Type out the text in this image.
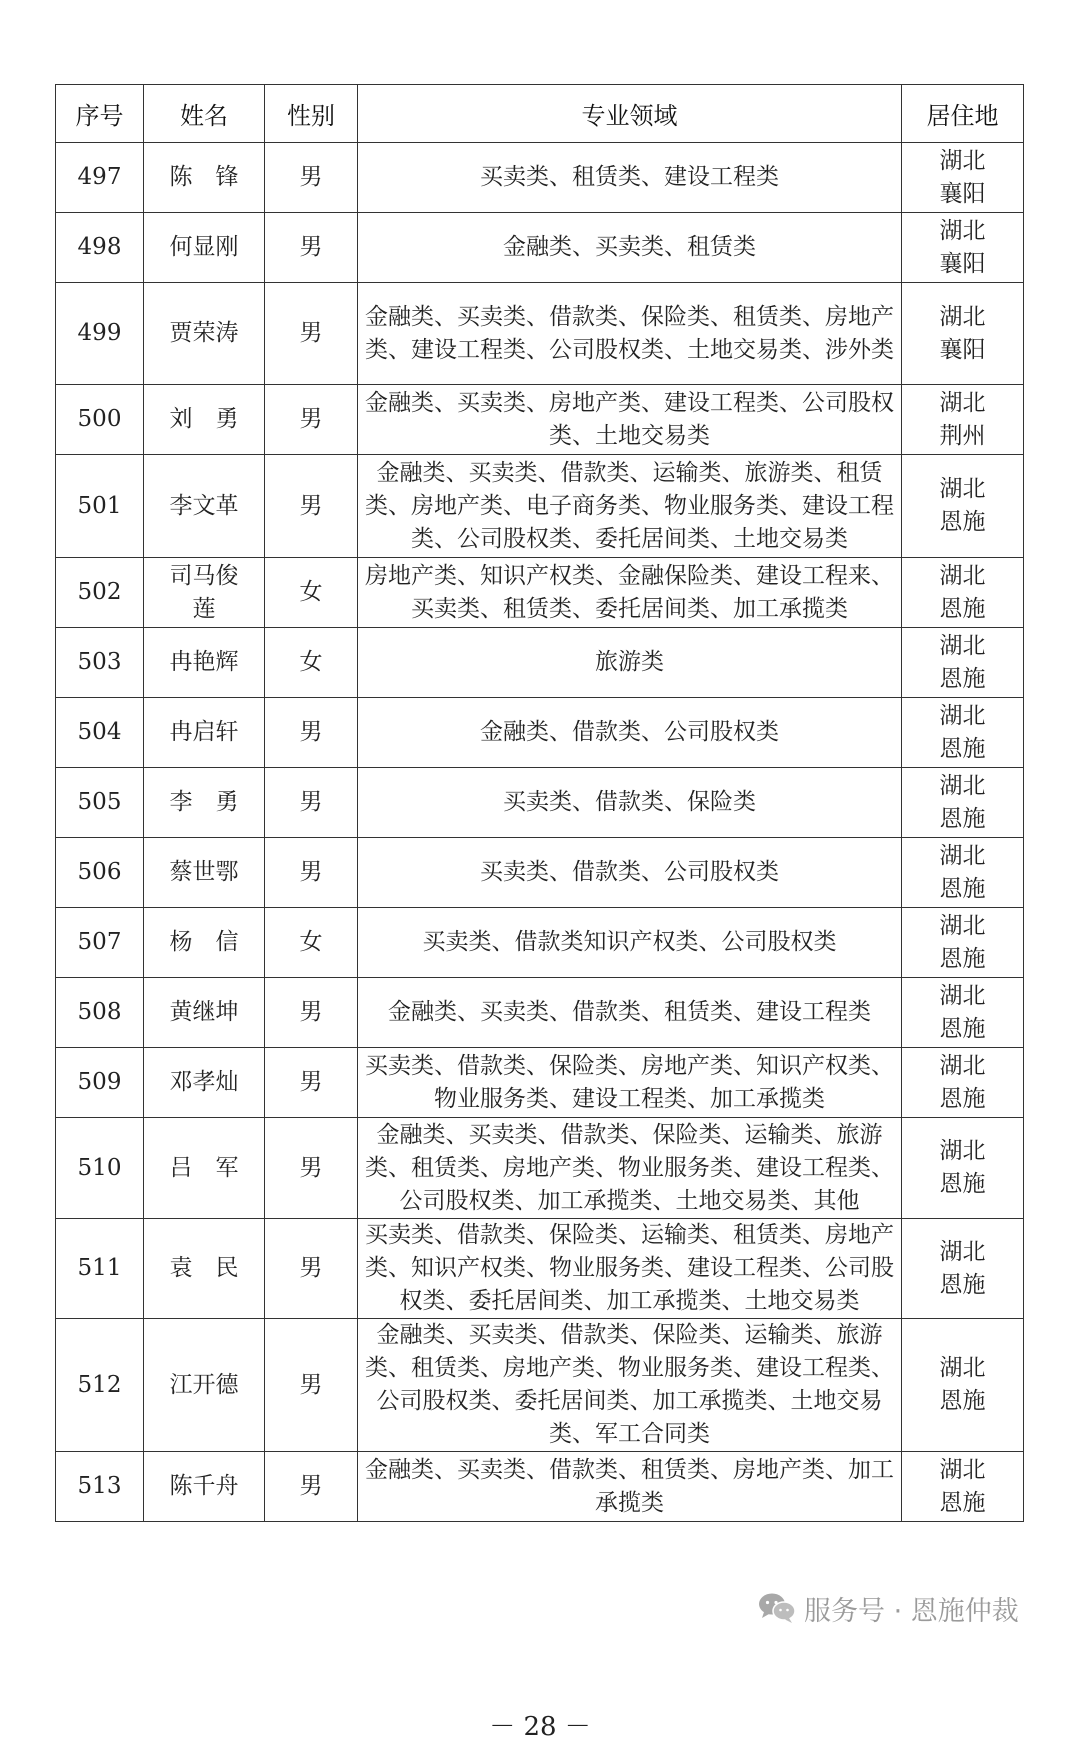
序号	姓名	性别	专业领域	居住地
497	陈　锋	男	买卖类、租赁类、建设工程类	湖北
襄阳

498	何显刚	男	金融类、买卖类、租赁类	湖北
襄阳

499	贾荣涛	男	金融类、买卖类、借款类、保险类、租赁类、房地产类、建设工程类、公司股权类、土地交易类、涉外类	湖北
襄阳

500	刘　勇	男	金融类、买卖类、房地产类、建设工程类、公司股权类、土地交易类	湖北
荆州

501	李文革	男	金融类、买卖类、借款类、运输类、旅游类、租赁类、房地产类、电子商务类、物业服务类、建设工程类、公司股权类、委托居间类、土地交易类	湖北
恩施

502	司马俊莲	女	房地产类、知识产权类、金融保险类、建设工程来、买卖类、租赁类、委托居间类、加工承揽类	湖北
恩施

503	冉艳辉	女	旅游类	湖北
恩施

504	冉启轩	男	金融类、借款类、公司股权类	湖北
恩施

505	李　勇	男	买卖类、借款类、保险类	湖北
恩施

506	蔡世鄂	男	买卖类、借款类、公司股权类	湖北
恩施

507	杨　信	女	买卖类、借款类知识产权类、公司股权类	湖北
恩施

508	黄继坤	男	金融类、买卖类、借款类、租赁类、建设工程类	湖北
恩施

509	邓孝灿	男	买卖类、借款类、保险类、房地产类、知识产权类、物业服务类、建设工程类、加工承揽类	湖北
恩施

510	吕　军	男	金融类、买卖类、借款类、保险类、运输类、旅游类、租赁类、房地产类、物业服务类、建设工程类、公司股权类、加工承揽类、土地交易类、其他	湖北
恩施

511	袁　民	男	买卖类、借款类、保险类、运输类、租赁类、房地产类、知识产权类、物业服务类、建设工程类、公司股权类、委托居间类、加工承揽类、土地交易类	湖北
恩施

512	江开德	男	金融类、买卖类、借款类、保险类、运输类、旅游类、租赁类、房地产类、物业服务类、建设工程类、公司股权类、委托居间类、加工承揽类、土地交易类、军工合同类	湖北
恩施

513	陈千舟	男	金融类、买卖类、借款类、租赁类、房地产类、加工承揽类	湖北
恩施
服务号 · 恩施仲裁
－ 28 －
